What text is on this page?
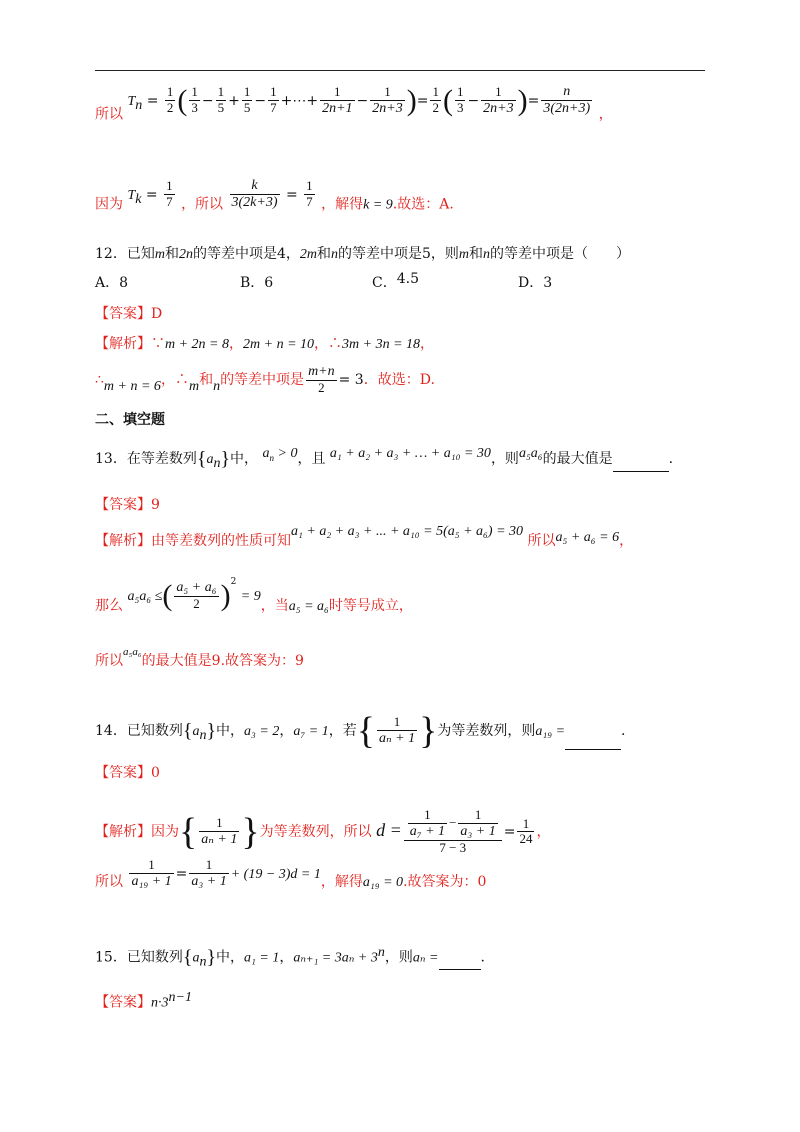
所以 $T_n = \frac{1}{2}$ ( $\frac{1}{3} - \frac{1}{5} + \frac{1}{5} - \frac{1}{7}$ +⋯+ $\frac{1}{2n+1} - \frac{1}{2n+3}$ )= $\frac{1}{2}$ ( $\frac{1}{3} - \frac{1}{2n+3}$ )= $\frac{n}{3(2n+3)}$ ，
因为 $T_k = \frac{1}{7}$ ，所以 $\frac{k}{3(2k+3)} = \frac{1}{7}$ ，解得k = 9.故选：A.
12．已知m和2n的等差中项是4，2m和n的等差中项是5，则m和n的等差中项是（　　）
A．8	B．6	C．4.5	D．3
【答案】D
【解析】∵m + 2n = 8，2m + n = 10，∴3m + 3n = 18，
∴m + n = 6，∴m和n的等差中项是 $\frac{m+n}{2} = 3$．故选：D.
二、填空题
13．在等差数列$\{a_n\}$中， $a_n > 0$，且 a₁ + a₂ + a₃ + … + a₁₀ = 30，则a₅a₆的最大值是	.
【答案】9
【解析】由等差数列的性质可知a₁ + a₂ + a₃ + ... + a₁₀ = 5(a₅ + a₆) = 30 所以a₅ + a₆ = 6，
那么 a₅a₆ ≤( $\frac{\text{a₅ + a₆}}{2} )^2 = 9$，当a₅ = a₆时等号成立，
所以$^{a_5a_6}$的最大值是9.故答案为：9
14．已知数列$\{a_n\}$中，a₃ = 2，a₇ = 1，若{ $\frac{1}{\text{aₙ + 1}}$ }为等差数列，则a₁₉ =	.
【答案】0
【解析】因为{ $\frac{1}{\text{aₙ + 1}}$ }为等差数列，所以 $d = \frac{\frac{1}{\text{a₇ + 1}} - \frac{1}{\text{a₃ + 1}}}{7 - 3} = \frac{1}{24}$ ，
所以 $\frac{1}{\text{a₁₉ + 1}} = \frac{1}{\text{a₃ + 1}} + (19 - 3)d = 1$，解得a₁₉ = 0.故答案为：0
15．已知数列$\{a_n\}$中，a₁ = 1，$a_{n+1} = 3a_n + 3^n$，则aₙ =	.
【答案】$n\cdot 3^{n-1}$
